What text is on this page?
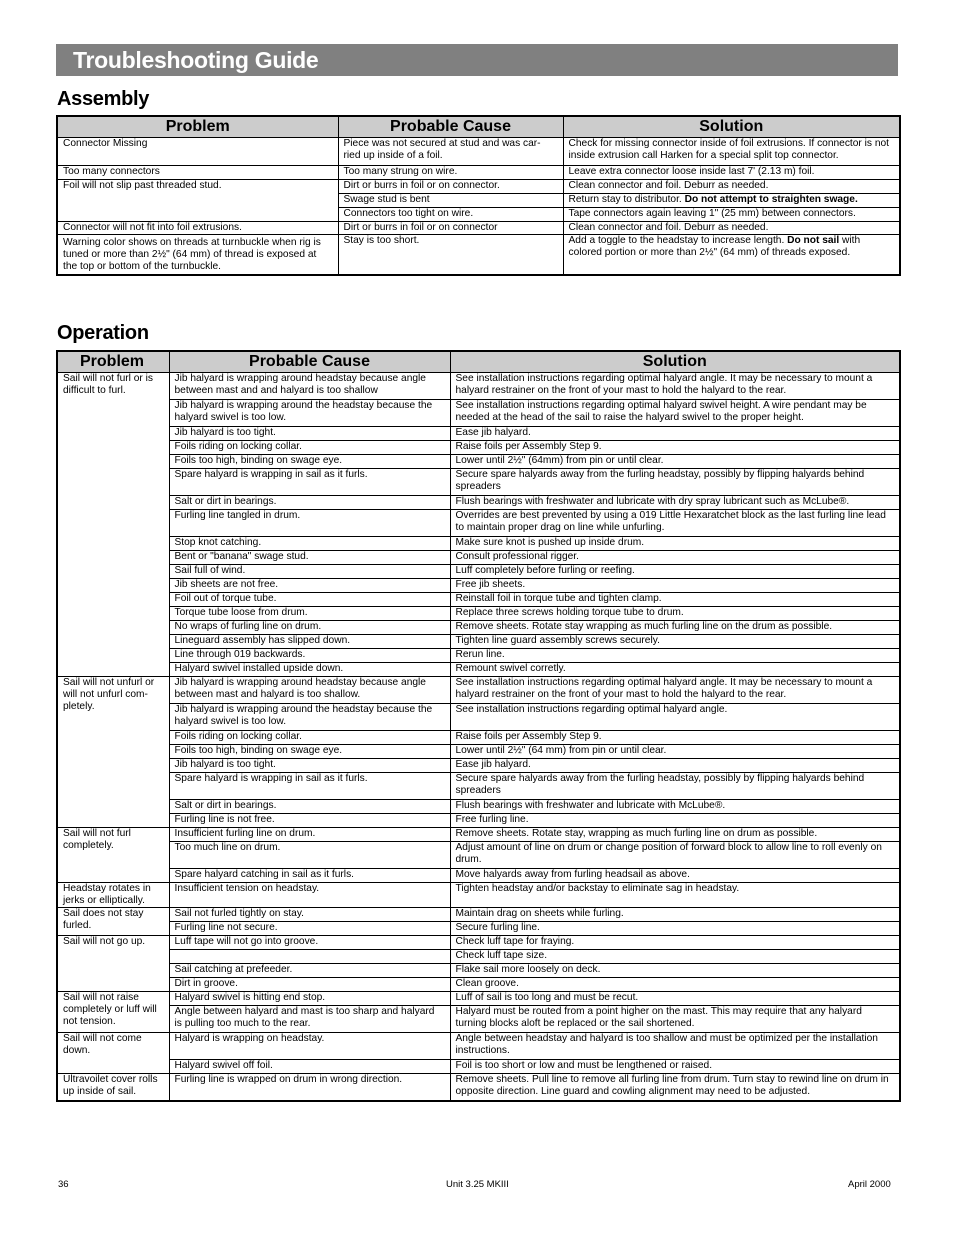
Troubleshooting Guide
Assembly
Problem	Probable Cause	Solution
Connector Missing	Piece was not secured at stud and was car-ried up inside of a foil.	Check for missing connector inside of foil extrusions. If connector is not inside extrusion call Harken for a special split top connector.
Too many connectors	Too many strung on wire.	Leave extra connector loose inside last 7' (2.13 m) foil.
Foil will not slip past threaded stud.	Dirt or burrs in foil or on connector.	Clean connector and foil. Deburr as needed.
	Swage stud is bent	Return stay to distributor. Do not attempt to straighten swage.
	Connectors too tight on wire.	Tape connectors again leaving 1" (25 mm) between connectors.
Connector will not fit into foil extrusions.	Dirt or burrs in foil or on connector	Clean connector and foil. Deburr as needed.
Warning color shows on threads at turnbuckle when rig is tuned or more than 2½" (64 mm) of thread is exposed at the top or bottom of the turnbuckle.	Stay is too short.	Add a toggle to the headstay to increase length. Do not sail with colored portion or more than 2½" (64 mm) of threads exposed.
Operation
Problem	Probable Cause	Solution
Sail will not furl or is difficult to furl.	Jib halyard is wrapping around headstay because angle between mast and and halyard is too shallow	See installation instructions regarding optimal halyard angle. It may be necessary to mount a halyard restrainer on the front of your mast to hold the halyard to the rear.
	Jib halyard is wrapping around the headstay because the halyard swivel is too low.	See installation instructions regarding optimal halyard swivel height. A wire pendant may be needed at the head of the sail to raise the halyard swivel to the proper height.
	Jib halyard is too tight.	Ease jib halyard.
	Foils riding on locking collar.	Raise foils per Assembly Step 9.
	Foils too high, binding on swage eye.	Lower until 2½" (64mm) from pin or until clear.
	Spare halyard is wrapping in sail as it furls.	Secure spare halyards away from the furling headstay, possibly by flipping halyards behind spreaders
	Salt or dirt in bearings.	Flush bearings with freshwater and lubricate with dry spray lubricant such as McLube®.
	Furling line tangled in drum.	Overrides are best prevented by using a 019 Little Hexaratchet block as the last furling line lead to maintain proper drag on line while unfurling.
	Stop knot catching.	Make sure knot is pushed up inside drum.
	Bent or "banana" swage stud.	Consult professional rigger.
	Sail full of wind.	Luff completely before furling or reefing.
	Jib sheets are not free.	Free jib sheets.
	Foil out of torque tube.	Reinstall foil in torque tube and tighten clamp.
	Torque tube loose from drum.	Replace three screws holding torque tube to drum.
	No wraps of furling line on drum.	Remove sheets. Rotate stay wrapping as much furling line on the drum as possible.
	Lineguard assembly has slipped down.	Tighten line guard assembly screws securely.
	Line through 019 backwards.	Rerun line.
	Halyard swivel installed upside down.	Remount swivel corretly.
Sail will not unfurl or will not unfurl com-pletely.	Jib halyard is wrapping around headstay because angle between mast and halyard is too shallow.	See installation instructions regarding optimal halyard angle. It may be necessary to mount a halyard restrainer on the front of your mast to hold the halyard to the rear.
	Jib halyard is wrapping around the headstay because the halyard swivel is too low.	See installation instructions regarding optimal halyard angle.
	Foils riding on locking collar.	Raise foils per Assembly Step 9.
	Foils too high, binding on swage eye.	Lower until 2½" (64 mm) from pin or until clear.
	Jib halyard is too tight.	Ease jib halyard.
	Spare halyard is wrapping in sail as it furls.	Secure spare halyards away from the furling headstay, possibly by flipping halyards behind spreaders
	Salt or dirt in bearings.	Flush bearings with freshwater and lubricate with McLube®.
	Furling line is not free.	Free furling line.
Sail will not furl completely.	Insufficient furling line on drum.	Remove sheets. Rotate stay, wrapping as much furling line on drum as possible.
	Too much line on drum.	Adjust amount of line on drum or change position of forward block to allow line to roll evenly on drum.
	Spare halyard catching in sail as it furls.	Move halyards away from furling headsail as above.
Headstay rotates in jerks or elliptically.	Insufficient tension on headstay.	Tighten headstay and/or backstay to eliminate sag in headstay.
Sail does not stay furled.	Sail not furled tightly on stay.	Maintain drag on sheets while furling.
	Furling line not secure.	Secure furling line.
Sail will not go up.	Luff tape will not go into groove.	Check luff tape for fraying.
		Check luff tape size.
	Sail catching at prefeeder.	Flake sail more loosely on deck.
	Dirt in groove.	Clean groove.
Sail will not raise completely or luff will not tension.	Halyard swivel is hitting end stop.	Luff of sail is too long and must be recut.
	Angle between halyard and mast is too sharp and halyard is pulling too much to the rear.	Halyard must be routed from a point higher on the mast. This may require that any halyard turning blocks aloft be replaced or the sail shortened.
Sail will not come down.	Halyard is wrapping on headstay.	Angle between headstay and halyard is too shallow and must be optimized per the installation instructions.
	Halyard swivel off foil.	Foil is too short or low and must be lengthened or raised.
Ultravoilet cover rolls up inside of sail.	Furling line is wrapped on drum in wrong direction.	Remove sheets. Pull line to remove all furling line from drum. Turn stay to rewind line on drum in opposite direction. Line guard and cowling alignment may need to be adjusted.
36	Unit 3.25 MKIII	April 2000
